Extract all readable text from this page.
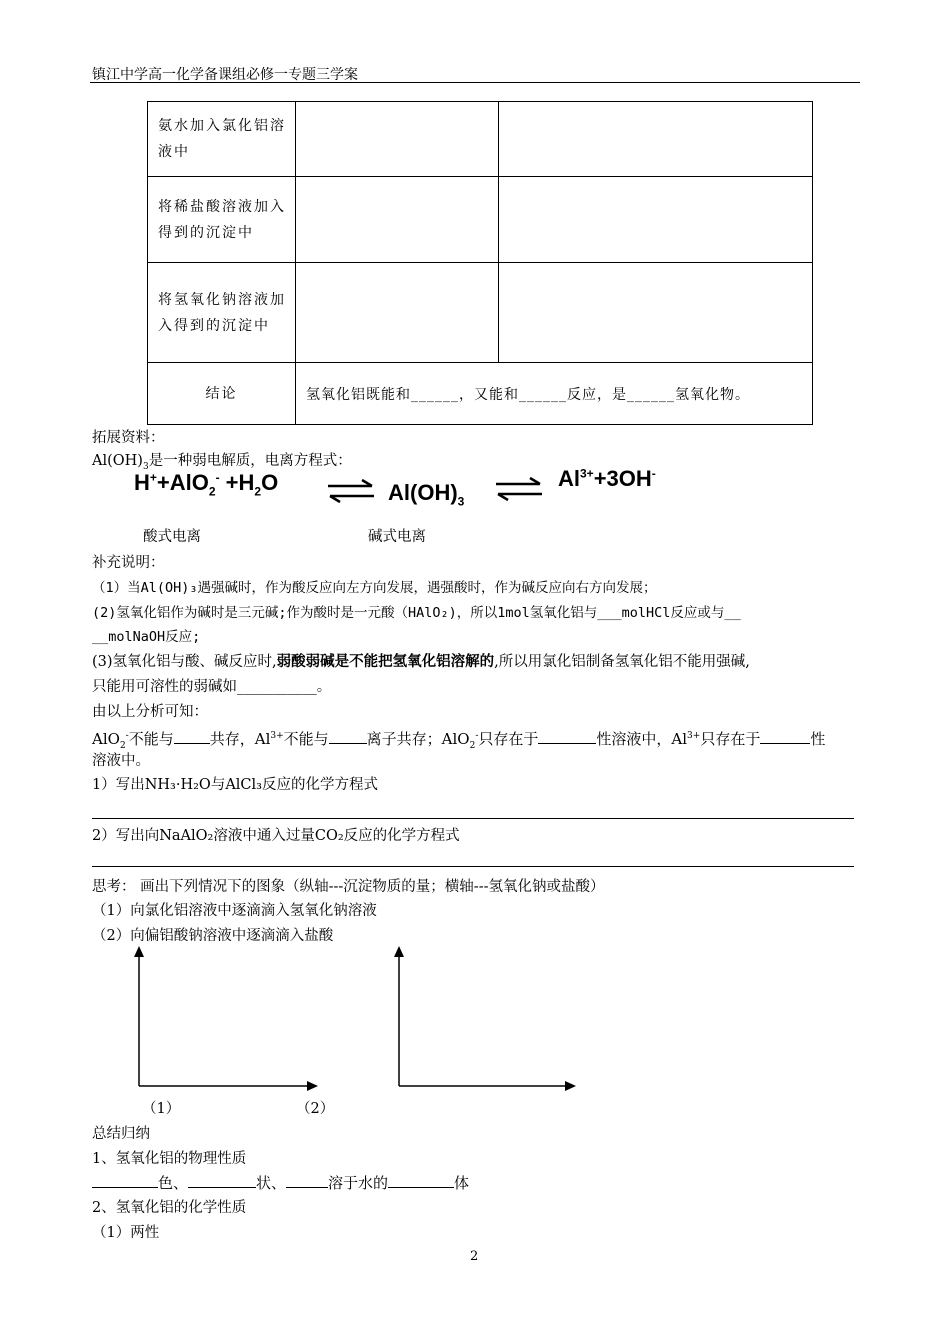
镇江中学高一化学备课组必修一专题三学案
氨水加入氯化铝溶液中		
将稀盐酸溶液加入得到的沉淀中		
将氢氧化钠溶液加入得到的沉淀中		
结论	氢氧化铝既能和______，又能和______反应，是______氢氧化物。	
拓展资料：
$Al(OH)_3$是一种弱电解质，电离方程式：
$H^++AlO_2^- +H_2O$	⇌ $Al(OH)_3$ ⇌ $Al^{3+}+3OH^-$
酸式电离	碱式电离
补充说明：
（1）当Al(OH)₃遇强碱时，作为酸反应向左方向发展，遇强酸时，作为碱反应向右方向发展；
(2)氢氧化铝作为碱时是三元碱;作为酸时是一元酸（HAlO₂)，所以1mol氢氧化铝与___molHCl反应或与__
__molNaOH反应;
(3)氢氧化铝与酸、碱反应时,弱酸弱碱是不能把氢氧化铝溶解的,所以用氯化铝制备氢氧化铝不能用强碱,
只能用可溶性的弱碱如___________。
由以上分析可知：
AlO$_2$-不能与 共存，$Al^{3+}$不能与	离子共存；AlO$_2$-只存在于	性溶液中，$Al^{3+}$只存在于	性
溶液中。
1）写出NH₃·H₂O与AlCl₃反应的化学方程式
2）写出向NaAlO₂溶液中通入过量CO₂反应的化学方程式
思考： 画出下列情况下的图象（纵轴---沉淀物质的量；横轴---氢氧化钠或盐酸）
（1）向氯化铝溶液中逐滴滴入氢氧化钠溶液
（2）向偏铝酸钠溶液中逐滴滴入盐酸
（1）	（2）
总结归纳
1、氢氧化铝的物理性质
色、	状、	溶于水的	体
2、氢氧化铝的化学性质
（1）两性
2
